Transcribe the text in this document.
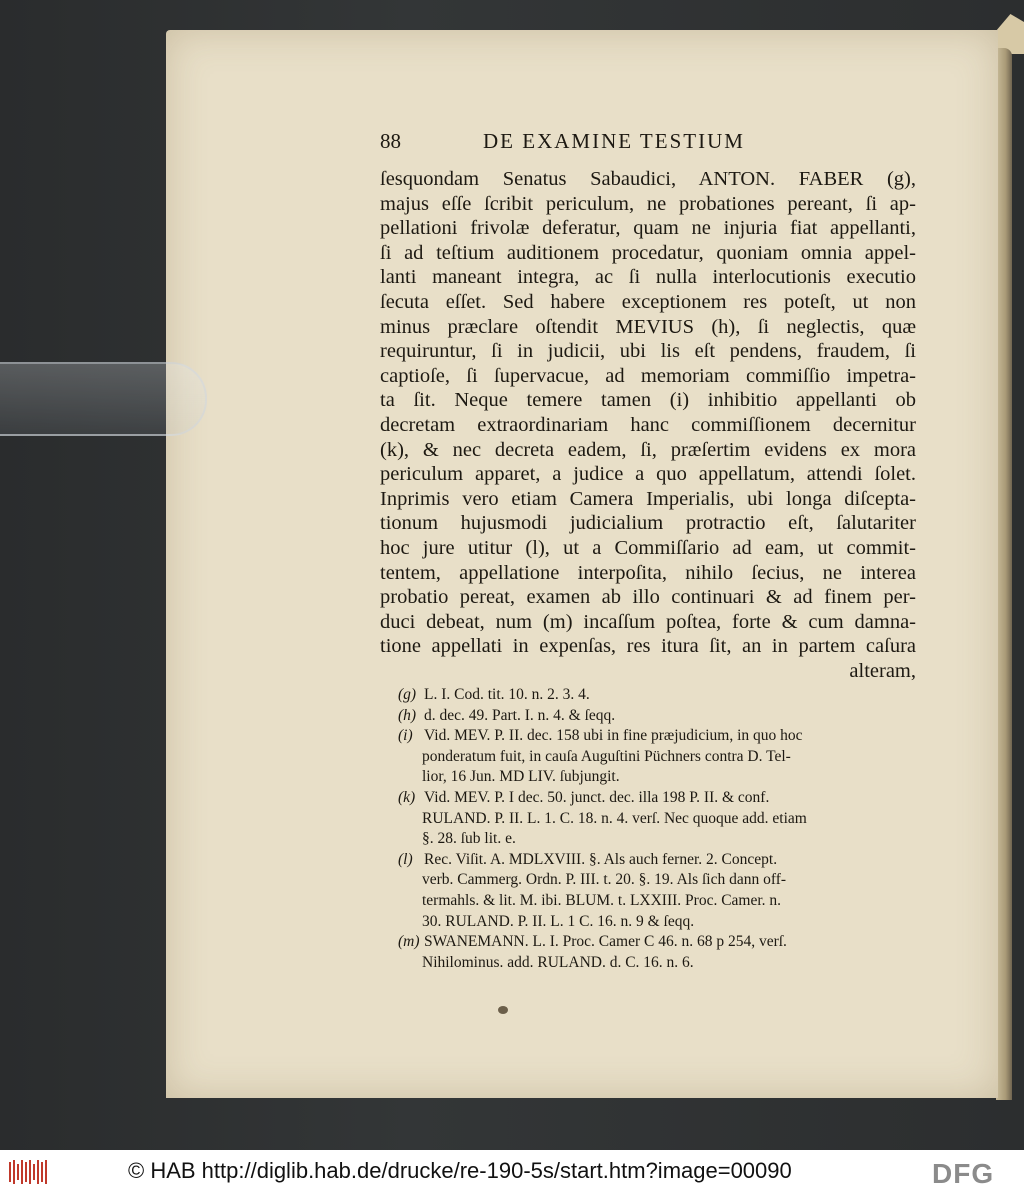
88	DE EXAMINE TESTIUM
ſesquondam Senatus Sabaudici, ANTON. FABER (g),
majus eſſe ſcribit periculum, ne probationes pereant, ſi ap-
pellationi frivolæ deferatur, quam ne injuria fiat appellanti,
ſi ad teſtium auditionem procedatur, quoniam omnia appel-
lanti maneant integra, ac ſi nulla interlocutionis executio
ſecuta eſſet. Sed habere exceptionem res poteſt, ut non
minus præclare oſtendit MEVIUS (h), ſi neglectis, quæ
requiruntur, ſi in judicii, ubi lis eſt pendens, fraudem, ſi
captioſe, ſi ſupervacue, ad memoriam commiſſio impetra-
ta ſit. Neque temere tamen (i) inhibitio appellanti ob
decretam extraordinariam hanc commiſſionem decernitur
(k), & nec decreta eadem, ſi, præſertim evidens ex mora
periculum apparet, a judice a quo appellatum, attendi ſolet.
Inprimis vero etiam Camera Imperialis, ubi longa diſcepta-
tionum hujusmodi judicialium protractio eſt, ſalutariter
hoc jure utitur (l), ut a Commiſſario ad eam, ut commit-
tentem, appellatione interpoſita, nihilo ſecius, ne interea
probatio pereat, examen ab illo continuari & ad finem per-
duci debeat, num (m) incaſſum poſtea, forte & cum damna-
tione appellati in expenſas, res itura ſit, an in partem caſura
alteram,
(g) L. I. Cod. tit. 10. n. 2. 3. 4.
(h) d. dec. 49. Part. I. n. 4. & ſeqq.
(i) Vid. MEV. P. II. dec. 158 ubi in fine præjudicium, in quo hoc
ponderatum fuit, in cauſa Auguſtini Püchners contra D. Tel-
lior, 16 Jun. MD LIV. ſubjungit.
(k) Vid. MEV. P. I dec. 50. junct. dec. illa 198 P. II. & conf.
RULAND. P. II. L. 1. C. 18. n. 4. verſ. Nec quoque add. etiam
§. 28. ſub lit. e.
(l) Rec. Viſit. A. MDLXVIII. §. Als auch ferner. 2. Concept.
verb. Cammerg. Ordn. P. III. t. 20. §. 19. Als ſich dann off-
termahls. & lit. M. ibi. BLUM. t. LXXIII. Proc. Camer. n.
30. RULAND. P. II. L. 1 C. 16. n. 9 & ſeqq.
(m) SWANEMANN. L. I. Proc. Camer C 46. n. 68 p 254, verſ.
Nihilominus. add. RULAND. d. C. 16. n. 6.
© HAB http://diglib.hab.de/drucke/re-190-5s/start.htm?image=00090	DFG
